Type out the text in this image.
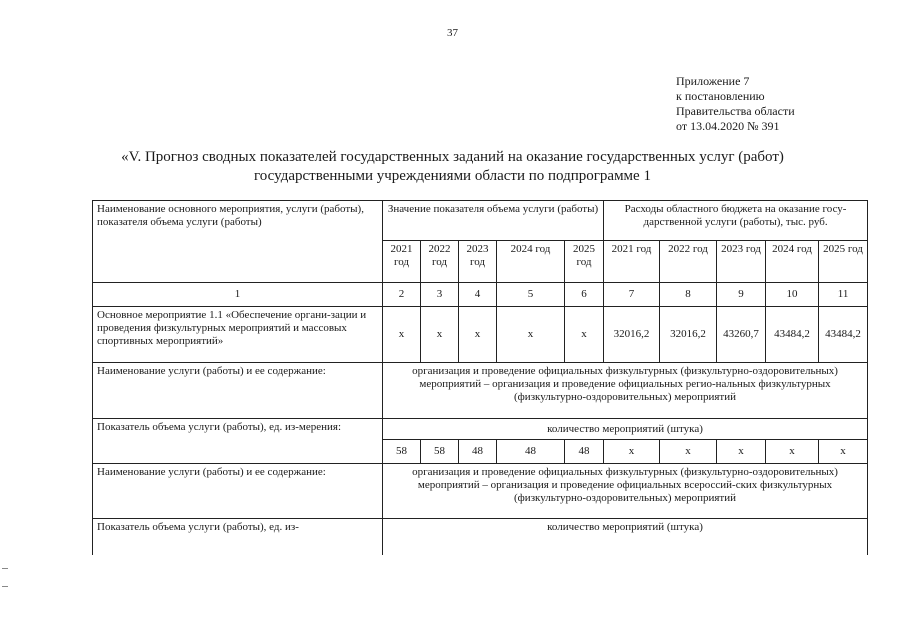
37
Приложение 7
к постановлению
Правительства области
от 13.04.2020 № 391
«V. Прогноз сводных показателей государственных заданий на оказание государственных услуг (работ)
государственными учреждениями области по подпрограмме 1
Наименование основного мероприятия, услуги (работы), показателя объема услуги (работы)	Значение показателя объема услуги (работы)					Расходы областного бюджета на оказание госу-дарственной услуги (работы), тыс. руб.				
	2021 год	2022 год	2023 год	2024 год	2025 год	2021 год	2022 год	2023 год	2024 год	2025 год
1	2	3	4	5	6	7	8	9	10	11
Основное мероприятие 1.1 «Обеспечение органи-зации и проведения физкультурных мероприятий и массовых спортивных мероприятий»	х	х	х	х	х	32016,2	32016,2	43260,7	43484,2	43484,2
Наименование услуги (работы) и ее содержание:	организация и проведение официальных физкультурных (физкультурно-оздоровительных) мероприятий – организация и проведение официальных регио-нальных физкультурных (физкультурно-оздоровительных) мероприятий									
Показатель объема услуги (работы), ед. из-мерения:	количество мероприятий (штука)									
	58	58	48	48	48	х	х	х	х	х
Наименование услуги (работы) и ее содержание:	организация и проведение официальных физкультурных (физкультурно-оздоровительных) мероприятий – организация и проведение официальных всероссий-ских физкультурных (физкультурно-оздоровительных) мероприятий									
Показатель объема услуги (работы), ед. из-	количество мероприятий (штука)									
